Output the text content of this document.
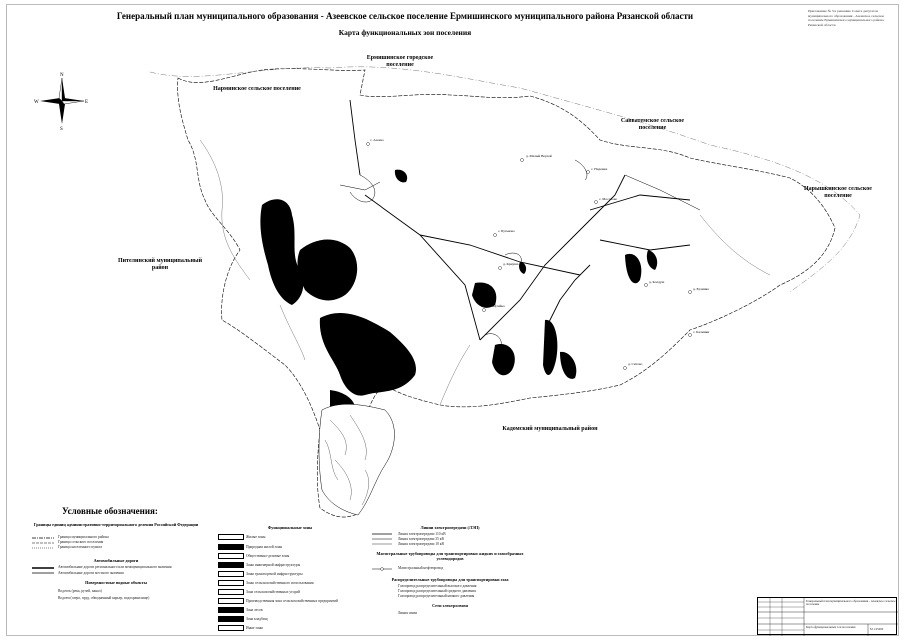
Генеральный план муниципального образования - Азеевское сельское поселение Ермишинского муниципального района Рязанской области
Карта функциональных зон поселения
Приложение № 3 к решению Совета депутатов муниципального образования - Азеевское сельское поселение Ермишинского муниципального района Рязанской области
N
S
W	E
Ермишинское городское поселение
Нарминское сельское поселение
Савватемское сельское поселение
Нарышкинское сельское поселение
Пителинский муниципальный район
Кадомский муниципальный район
с. Азеево
д. Малый Вертей
с. Надежка
с. Мосолово
с. Бутьково
д. Криуша
с. Кафтейка
д. Колдуш
д. Ерзинка
с. Калинки
д. Ситово
Условные обозначения:
Границы единиц административно-территориального деления Российской Федерации
Граница муниципального района
Граница сельского поселения
Граница населенного пункта
Автомобильные дороги
Автомобильные дороги регионального или межмуниципального значения
Автомобильные дороги местного значения
Поверхностные водные объекты
Водоток (река, ручей, канал)
Водоем (озеро, пруд, обводненный карьер, водохранилище)
Функциональные зоны
Жилые зоны
Природная жилой зоны
Общественно-деловые зоны
Зоны инженерной инфраструктуры
Зоны транспортной инфраструктуры
Зоны сельскохозяйственного использования
Зона сельскохозяйственных угодий
Производственная зона сельскохозяйственных предприятий
Зона лесов
Зона кладбищ
Иные зоны
Линии электропередачи (ЛЭП)
Линия электропередачи 110 кВ
Линия электропередачи 35 кВ
Линия электропередачи 10 кВ
Магистральные трубопроводы для транспортировки жидких и газообразных углеводородов
Магистральный нефтепровод
Распределительные трубопроводы для транспортировки газа
Газопровод распределительный высокого давления
Газопровод распределительный среднего давления
Газопровод распределительный низкого давления
Сети электросвязи
Линия связи
Генеральный план муниципального образования - Азеевское сельское поселение
Карта функциональных зон поселения	М 1:25000
